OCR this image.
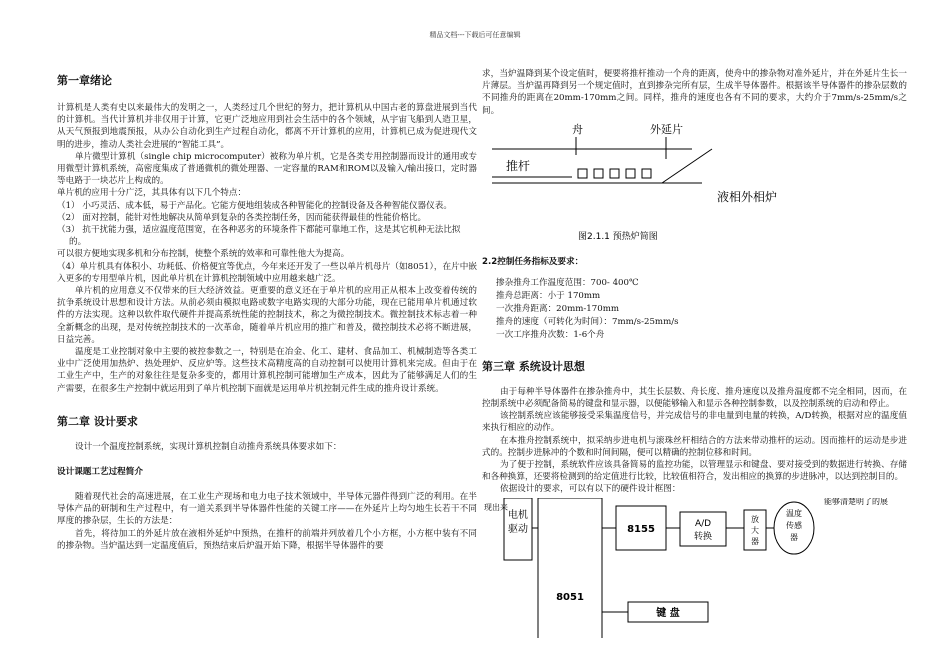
精品文档---下载后可任意编辑

第一章绪论

计算机是人类有史以来最伟大的发明之一，人类经过几个世纪的努力，把计算机从中国古老的算盘进展到当代的计算机。当代计算机并非仅用于计算，它更广泛地应用到社会生活中的各个领域，从宇宙飞船到人造卫星，从天气预报到地震预报，从办公自动化到生产过程自动化，都离不开计算机的应用，计算机已成为促进现代文明的进步，推动人类社会进展的“智能工具”。

单片微型计算机（single chip microcomputer）被称为单片机，它是各类专用控制器而设计的通用或专用微型计算机系统，高密度集成了普通微机的微处理器、一定容量的RAM和ROM以及输入/输出接口，定时器等电路于一块芯片上构成的。

单片机的应用十分广泛，其具体有以下几个特点：

（1） 小巧灵活、成本低，易于产品化。它能方便地组装成各种智能化的控制设备及各种智能仪器仪表。

（2） 面对控制，能针对性地解决从简单到复杂的各类控制任务，因而能获得最佳的性能价格比。

（3） 抗干扰能力强，适应温度范围宽，在各种恶劣的环境条件下都能可靠地工作，这是其它机种无法比拟的。

可以很方便地实现多机和分布控制，使整个系统的效率和可靠性他大为提高。

（4）单片机具有体积小、功耗低、价格便宜等优点，今年来还开发了一些以单片机母片（如8051），在片中嵌入更多的专用型单片机，因此单片机在计算机控制领域中应用越来越广泛。

单片机的应用意义不仅带来的巨大经济效益。更重要的意义还在于单片机的应用正从根本上改变着传统的抗争系统设计思想和设计方法。从前必须由模拟电路或数字电路实现的大部分功能，现在已能用单片机通过软件的方法实现。这种以软件取代硬件并提高系统性能的控制技术，称之为微控制技术。微控制技术标志着一种全新概念的出现，是对传统控制技术的一次革命，随着单片机应用的推广和普及，微控制技术必将不断进展，日益完善。

温度是工业控制对象中主要的被控参数之一，特别是在冶金、化工、建材、食品加工、机械制造等各类工业中广泛使用加热炉、热处理炉、反应炉等。这些技术高精度高的自动控制可以使用计算机来完成。但由于在工业生产中，生产的对象往往是复杂多变的，都用计算机控制可能增加生产成本，因此为了能够满足人们的生产需要，在很多生产控制中就运用到了单片机控制下面就是运用单片机控制元件生成的推舟设计系统。

第二章 设计要求

设计一个温度控制系统，实现计算机控制自动推舟系统具体要求如下：

设计课题工艺过程简介

随着现代社会的高速进展，在工业生产现场和电力电子技术领域中，半导体元器件得到广泛的利用。在半导体产品的研制和生产过程中，有一道关系到半导体器件性能的关键工序——在外延片上均匀地生长若干不同厚度的掺杂层，生长的方法是：

首先，将待加工的外延片放在液相外延炉中预热，在推杆的前端并列放着几个小方框，小方框中装有不同的掺杂物。当炉温达到一定温度值后，预热结束后炉温开始下降，根据半导体器件的要

求，当炉温降到某个设定值时，便要将推杆推动一个舟的距离，使舟中的掺杂物对准外延片，并在外延片生长一片薄层。当炉温再降到另一个规定值时，直到掺杂完所有层，生成半导体器件。根据该半导体器件的掺杂层数的不同推舟的距离在20mm-170mm之间。同样，推舟的速度也各有不同的要求，大约介于7mm/s-25mm/s之间。

舟	外延片
推杆
液相外相炉
图2.1.1 预热炉简图

2.2控制任务指标及要求：

掺杂推舟工作温度范围：700- 400℃

推舟总距离：小于 170mm

一次推舟距离：20mm-170mm

推舟的速度（可转化为时间）：7mm/s-25mm/s

一次工序推舟次数：1-6个舟

第三章 系统设计思想

由于每种半导体器件在掺杂推舟中，其生长层数、舟长度、推舟速度以及推舟温度都不完全相同，因而，在控制系统中必须配备简易的键盘和显示器，以便能够输入和显示各种控制参数，以及控制系统的启动和停止。

该控制系统应该能够接受采集温度信号，并完成信号的非电量到电量的转换，A/D转换，根据对应的温度值来执行相应的动作。

在本推舟控制系统中，拟采纳步进电机与滚珠丝杆相结合的方法来带动推杆的运动。因而推杆的运动是步进式的。控制步进脉冲的个数和时间间隔，便可以精确的控制位移和时间。

为了便于控制，系统软件应该具备简易的监控功能，以管理显示和键盘、要对接受到的数据进行转换、存储和各种换算，还要将检测到的给定值进行比较，比较值相符合，发出相应的换算的步进脉冲，以达到控制目的。

依据设计的要求，可以有以下的硬件设计框图：

现出来
能够清楚明了的展
电机
驱动
8051
8155	A/D
转换
放
大
器
温度
传感
器
键 盘
